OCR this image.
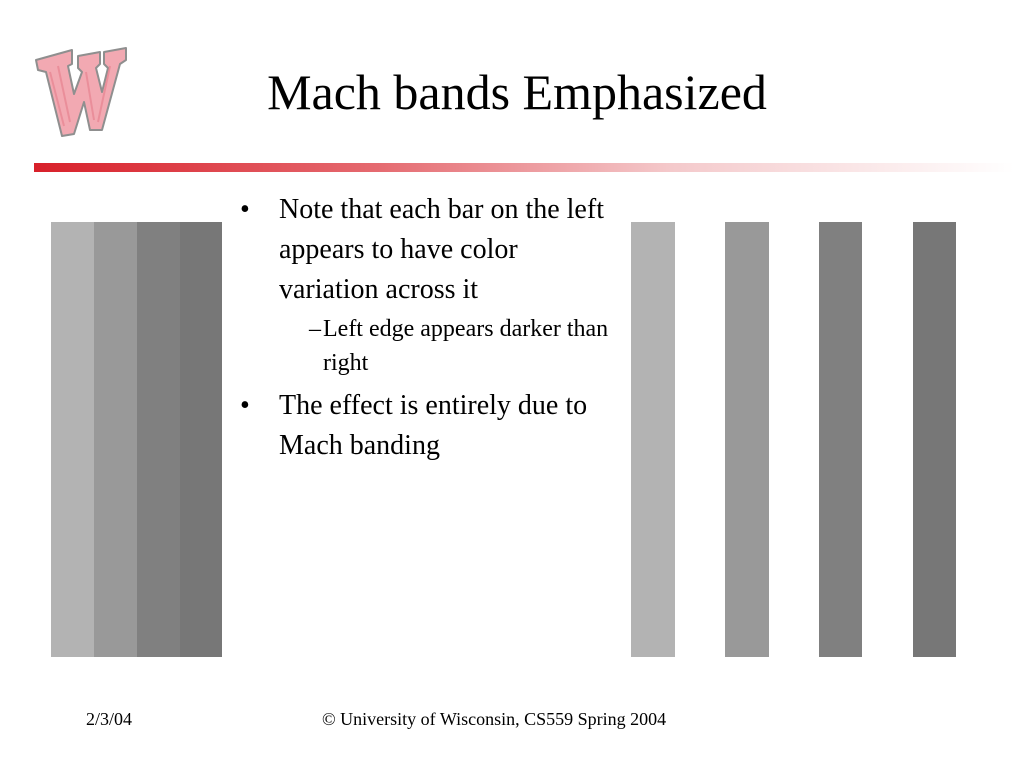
Mach bands Emphasized
• Note that each bar on the left appears to have color variation across it
– Left edge appears darker than right
• The effect is entirely due to Mach banding
2/3/04	© University of Wisconsin, CS559 Spring 2004
